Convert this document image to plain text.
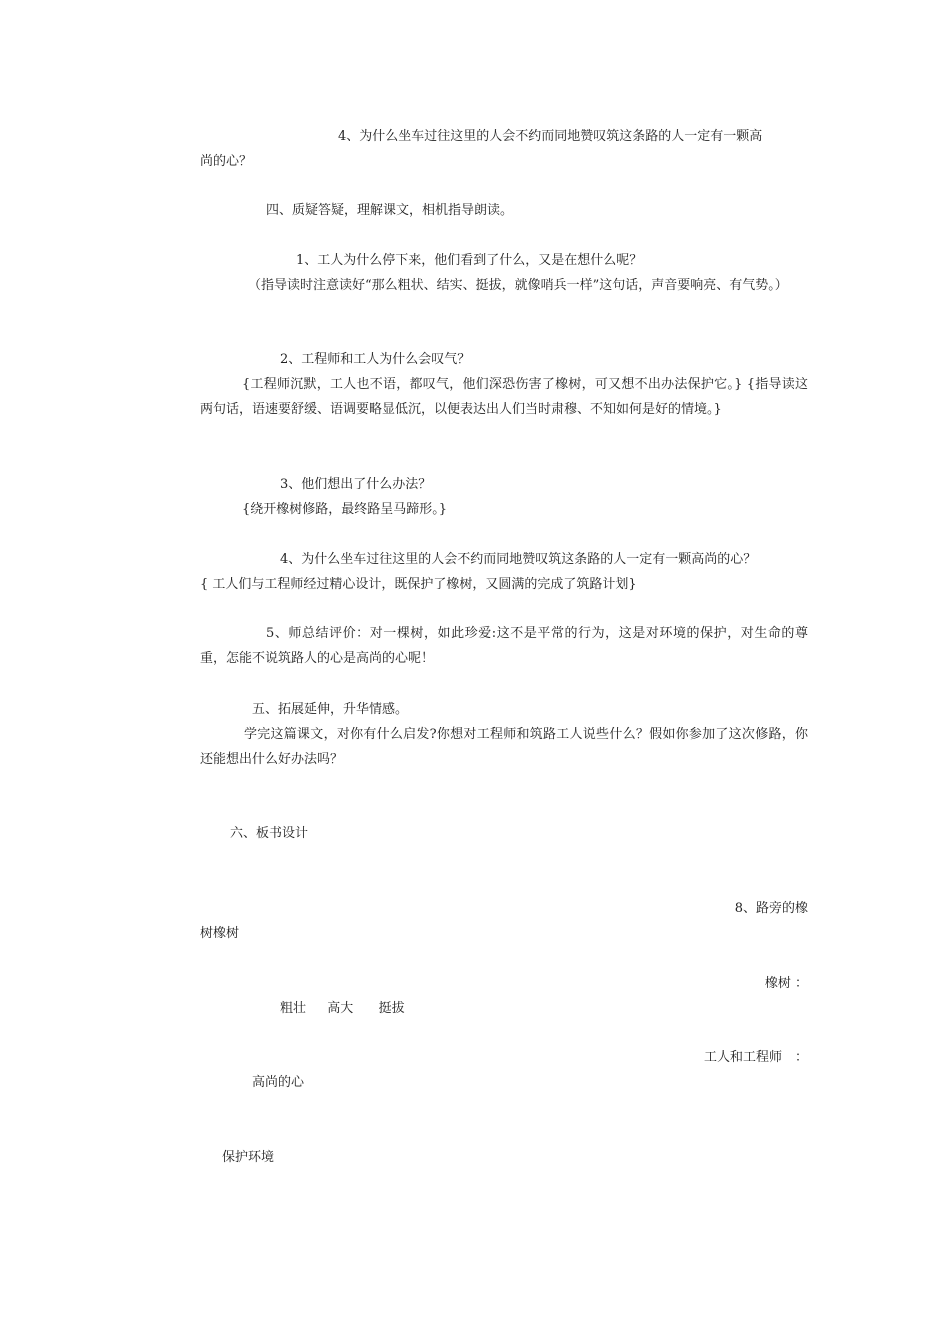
4、为什么坐车过往这里的人会不约而同地赞叹筑这条路的人一定有一颗高
尚的心？

四、质疑答疑，理解课文，相机指导朗读。

1、工人为什么停下来，他们看到了什么，又是在想什么呢？

（指导读时注意读好“那么粗状、结实、挺拔，就像哨兵一样”这句话，声音要响亮、有气势。）

2、工程师和工人为什么会叹气？

{工程师沉默，工人也不语，都叹气，他们深恐伤害了橡树，可又想不出办法保护它。} {指导读这两句话，语速要舒缓、语调要略显低沉，以便表达出人们当时肃穆、不知如何是好的情境。}

3、他们想出了什么办法？

{绕开橡树修路，最终路呈马蹄形。}

4、为什么坐车过往这里的人会不约而同地赞叹筑这条路的人一定有一颗高尚的心？

{ 工人们与工程师经过精心设计，既保护了橡树，又圆满的完成了筑路计划}

5、师总结评价：对一棵树，如此珍爱:这不是平常的行为，这是对环境的保护，对生命的尊重，怎能不说筑路人的心是高尚的心呢！

五、拓展延伸，升华情感。

学完这篇课文，对你有什么启发?你想对工程师和筑路工人说些什么？假如你参加了这次修路，你还能想出什么好办法吗？

六、板书设计

8、路旁的橡

树橡树

橡树 ：

粗壮　  高大 　  挺拔

工人和工程师　：

高尚的心

保护环境
